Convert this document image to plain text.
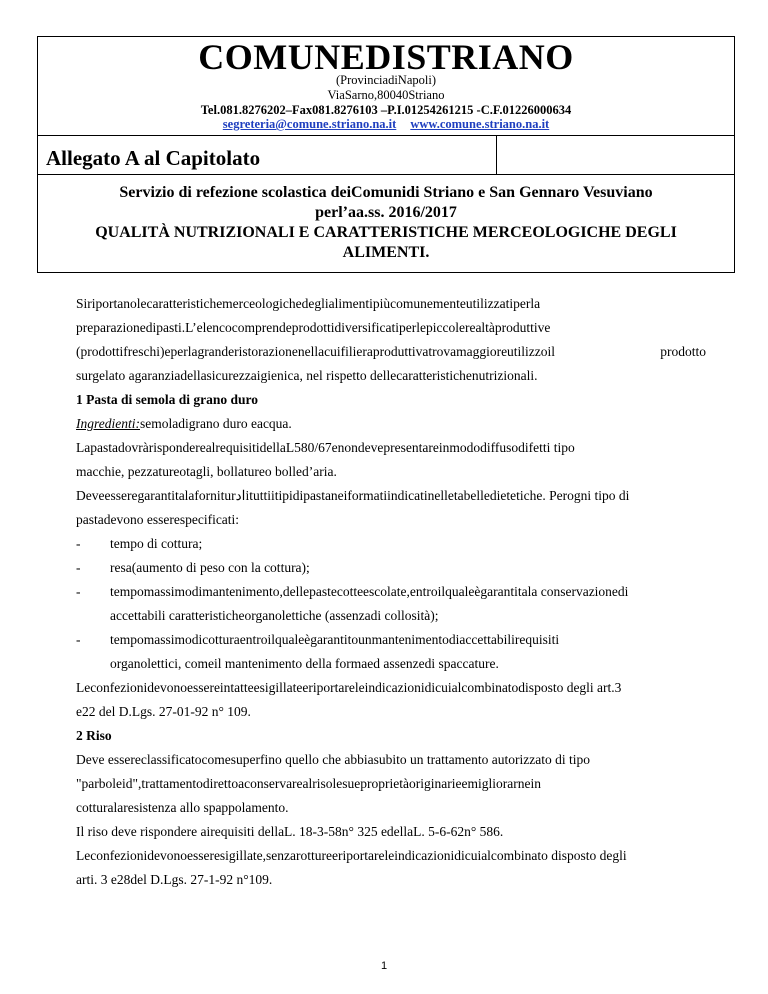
COMUNEDISTRIANO
(ProvinciadiNapoli)
ViaSarno,80040Striano
Tel.081.8276202–Fax081.8276103 –P.I.01254261215 -C.F.01226000634
segreteria@comune.striano.na.it www.comune.striano.na.it
Allegato A al Capitolato
Servizio di refezione scolastica deiComunidi Striano e San Gennaro Vesuviano
perl’aa.ss. 2016/2017
QUALITÀ NUTRIZIONALI E CARATTERISTICHE MERCEOLOGICHE DEGLI
ALIMENTI.

Siriportanolecaratteristichemerceologichedeglialimentipiùcomunementeutilizzatiperla

preparazionedipasti.L’elencocomprendeprodottidiversificatiperlepiccolerealtàproduttive

(prodottifreschi)eperlagranderistorazionenellacuifilieraproduttivatrovamaggioreutilizzoil	prodotto

surgelato agaranziadellasicurezzaigienica, nel rispetto dellecaratteristichenutrizionali.

1 Pasta di semola di grano duro

Ingredienti:semoladigrano duro eacqua.

LapastadovràrisponderealrequisitidellaL580/67enondevepresentareinmododiffusodifetti tipo

macchie, pezzatureotagli, bollatureo bolled’aria.

Deveesseregarantitalaforniturادituttiitipidipastaneiformatiindicatinelletabelledietetiche. Perogni tipo di

pastadevono esserespecificati:

- tempo di cottura;
- resa(aumento di peso con la cottura);
- tempomassimodimantenimento,dellepastecotteescolate,entroilqualeègarantitala conservazionedi
accettabili caratteristicheorganolettiche (assenzadi collosità);
- tempomassimodicotturaentroilqualeègarantitounmantenimentodiaccettabilirequisiti
organolettici, comeil mantenimento della formaed assenzedi spaccature.

Leconfezionidevonoessereintatteesigillateeriportareleindicazionidicuialcombinatodisposto degli art.3

e22 del D.Lgs. 27-01-92 n° 109.

2 Riso

Deve essereclassificatocomesuperfino quello che abbiasubito un trattamento autorizzato di tipo

"parboleid",trattamentodirettoaconservarealrisolesueproprietàoriginarieemigliorarnein

cotturalaresistenza allo spappolamento.

Il riso deve rispondere airequisiti dellaL. 18-3-58n° 325 edellaL. 5-6-62n° 586.

Leconfezionidevonoesseresigillate,senzarottureeriportareleindicazionidicuialcombinato disposto degli

arti. 3 e28del D.Lgs. 27-1-92 n°109.

1
